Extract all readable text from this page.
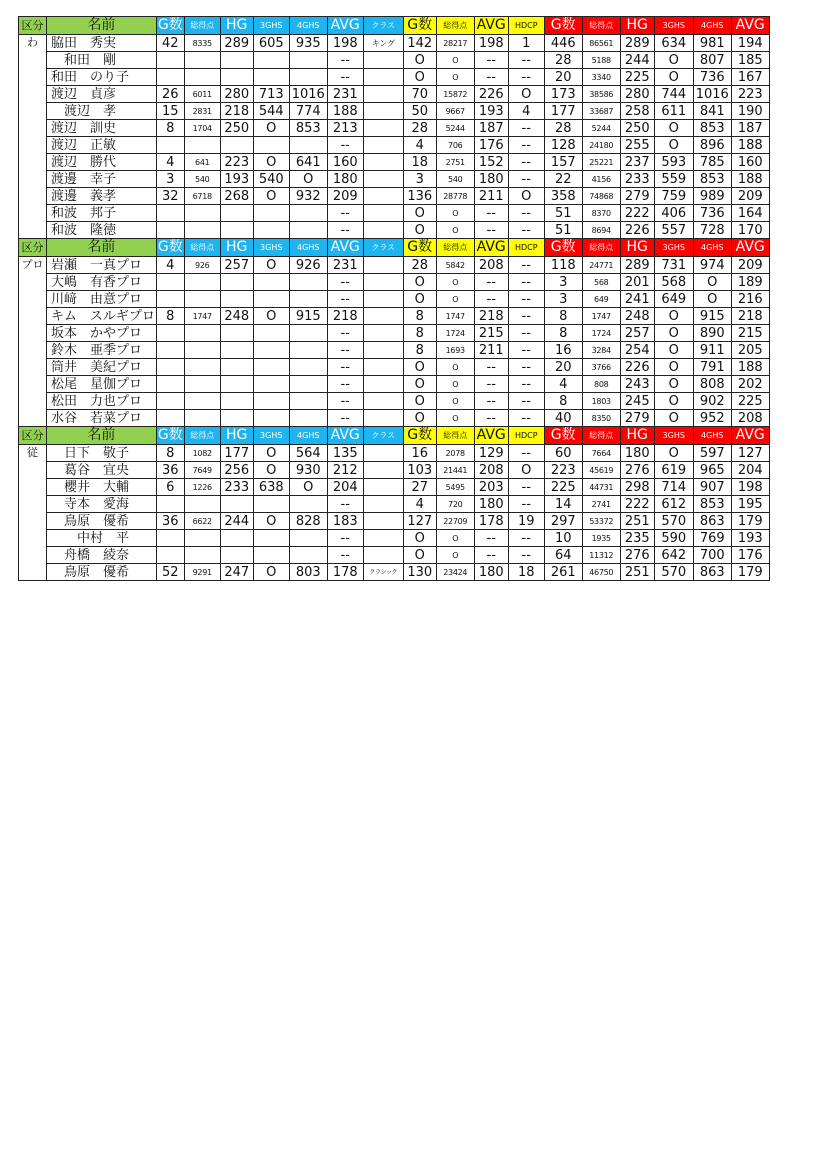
区分	名前	G数	総得点	HG	3GHS	4GHS	AVG	クラス	G数	総得点	AVG	HDCP	G数	総得点	HG	3GHS	4GHS	AVG
わ	脇田　秀実	42	8335	289	605	935	198	キング	142	28217	198	1	446	86561	289	634	981	194
	　和田　剛						--		O	O	--	--	28	5188	244	O	807	185
	和田　のり子						--		O	O	--	--	20	3340	225	O	736	167
	渡辺　貞彦	26	6011	280	713	1016	231		70	15872	226	O	173	38586	280	744	1016	223
	　渡辺　孝	15	2831	218	544	774	188		50	9667	193	4	177	33687	258	611	841	190
	渡辺　訓史	8	1704	250	O	853	213		28	5244	187	--	28	5244	250	O	853	187
	渡辺　正敏						--		4	706	176	--	128	24180	255	O	896	188
	渡辺　勝代	4	641	223	O	641	160		18	2751	152	--	157	25221	237	593	785	160
	渡邊　幸子	3	540	193	540	O	180		3	540	180	--	22	4156	233	559	853	188
	渡邊　義孝	32	6718	268	O	932	209		136	28778	211	O	358	74868	279	759	989	209
	和波　邦子						--		O	O	--	--	51	8370	222	406	736	164
	和波　隆徳						--		O	O	--	--	51	8694	226	557	728	170
区分	名前	G数	総得点	HG	3GHS	4GHS	AVG	クラス	G数	総得点	AVG	HDCP	G数	総得点	HG	3GHS	4GHS	AVG
プロ	岩瀬　一真プロ	4	926	257	O	926	231		28	5842	208	--	118	24771	289	731	974	209
	大嶋　有香プロ						--		O	O	--	--	3	568	201	568	O	189
	川﨑　由意プロ						--		O	O	--	--	3	649	241	649	O	216
	キム　スルギプロ	8	1747	248	O	915	218		8	1747	218	--	8	1747	248	O	915	218
	坂本　かやプロ						--		8	1724	215	--	8	1724	257	O	890	215
	鈴木　亜季プロ						--		8	1693	211	--	16	3284	254	O	911	205
	筒井　美紀プロ						--		O	O	--	--	20	3766	226	O	791	188
	松尾　星伽プロ						--		O	O	--	--	4	808	243	O	808	202
	松田　力也プロ						--		O	O	--	--	8	1803	245	O	902	225
	水谷　若菜プロ						--		O	O	--	--	40	8350	279	O	952	208
区分	名前	G数	総得点	HG	3GHS	4GHS	AVG	クラス	G数	総得点	AVG	HDCP	G数	総得点	HG	3GHS	4GHS	AVG
従	　日下　敬子	8	1082	177	O	564	135		16	2078	129	--	60	7664	180	O	597	127
	　葛谷　宜央	36	7649	256	O	930	212		103	21441	208	O	223	45619	276	619	965	204
	　櫻井　大輔	6	1226	233	638	O	204		27	5495	203	--	225	44731	298	714	907	198
	　寺本　愛海						--		4	720	180	--	14	2741	222	612	853	195
	　鳥原　優希	36	6622	244	O	828	183		127	22709	178	19	297	53372	251	570	863	179
	　　中村　平						--		O	O	--	--	10	1935	235	590	769	193
	　舟橋　綾奈						--		O	O	--	--	64	11312	276	642	700	176
	　鳥原　優希	52	9291	247	O	803	178	クラシック	130	23424	180	18	261	46750	251	570	863	179
